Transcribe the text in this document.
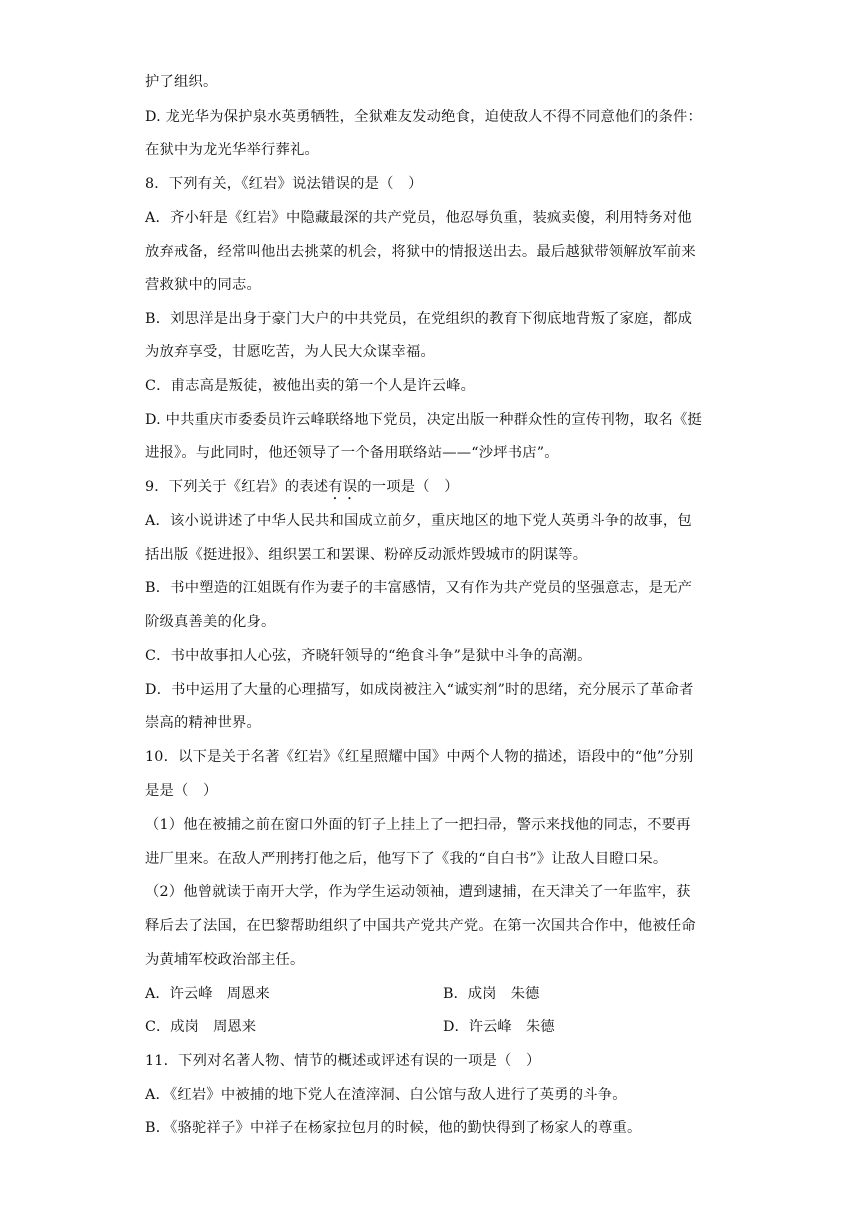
护了组织。
D. 龙光华为保护泉水英勇牺牲，全狱难友发动绝食，迫使敌人不得不同意他们的条件：
在狱中为龙光华举行葬礼。
8．下列有关，《红岩》说法错误的是（　）
A．齐小轩是《红岩》中隐藏最深的共产党员，他忍辱负重，装疯卖傻，利用特务对他
放弃戒备，经常叫他出去挑菜的机会，将狱中的情报送出去。最后越狱带领解放军前来
营救狱中的同志。
B．刘思洋是出身于豪门大户的中共党员，在党组织的教育下彻底地背叛了家庭，都成
为放弃享受，甘愿吃苦，为人民大众谋幸福。
C．甫志高是叛徒，被他出卖的第一个人是许云峰。
D. 中共重庆市委委员许云峰联络地下党员，决定出版一种群众性的宣传刊物，取名《挺
进报》。与此同时，他还领导了一个备用联络站——“沙坪书店”。
9．下列关于《红岩》的表述有误的一项是（　）
A．该小说讲述了中华人民共和国成立前夕，重庆地区的地下党人英勇斗争的故事，包
括出版《挺进报》、组织罢工和罢课、粉碎反动派炸毁城市的阴谋等。
B．书中塑造的江姐既有作为妻子的丰富感情，又有作为共产党员的坚强意志，是无产
阶级真善美的化身。
C．书中故事扣人心弦，齐晓轩领导的“绝食斗争”是狱中斗争的高潮。
D．书中运用了大量的心理描写，如成岗被注入“诚实剂”时的思绪，充分展示了革命者
崇高的精神世界。
10．以下是关于名著《红岩》《红星照耀中国》中两个人物的描述，语段中的“他”分别
是是（　）
（1）他在被捕之前在窗口外面的钉子上挂上了一把扫帚，警示来找他的同志，不要再
进厂里来。在敌人严刑拷打他之后，他写下了《我的“自白书”》让敌人目瞪口呆。
（2）他曾就读于南开大学，作为学生运动领袖，遭到逮捕，在天津关了一年监牢，获
释后去了法国，在巴黎帮助组织了中国共产党共产党。在第一次国共合作中，他被任命
为黄埔军校政治部主任。
A．许云峰　周恩来	B．成岗　朱德
C．成岗　周恩来	D．许云峰　朱德
11．下列对名著人物、情节的概述或评述有误的一项是（　）
A．《红岩》中被捕的地下党人在渣滓洞、白公馆与敌人进行了英勇的斗争。
B．《骆驼祥子》中祥子在杨家拉包月的时候，他的勤快得到了杨家人的尊重。
